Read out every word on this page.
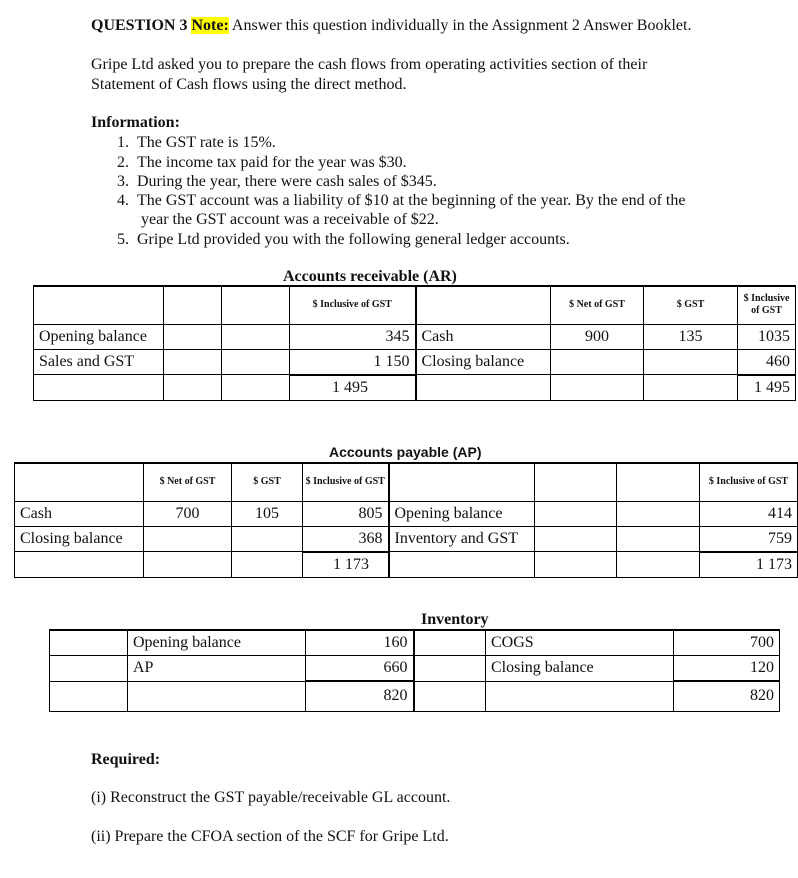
QUESTION 3 Note: Answer this question individually in the Assignment 2 Answer Booklet.
Gripe Ltd asked you to prepare the cash flows from operating activities section of their
Statement of Cash flows using the direct method.
Information:
1. The GST rate is 15%.
2. The income tax paid for the year was $30.
3. During the year, there were cash sales of $345.
4. The GST account was a liability of $10 at the beginning of the year. By the end of the
year the GST account was a receivable of $22.
5. Gripe Ltd provided you with the following general ledger accounts.
Accounts receivable (AR)
			$ Inclusive of GST		$ Net of GST	$ GST	$ Inclusive of GST
Opening balance			345	Cash	900	135	1035
Sales and GST			1 150	Closing balance			460
			1 495				1 495
Accounts payable (AP)
	$ Net of GST	$ GST	$ Inclusive of GST				$ Inclusive of GST
Cash	700	105	805	Opening balance			414
Closing balance			368	Inventory and GST			759
			1 173				1 173
Inventory
	Opening balance	160		COGS	700
	AP	660		Closing balance	120
		820			820
Required:
(i) Reconstruct the GST payable/receivable GL account.
(ii) Prepare the CFOA section of the SCF for Gripe Ltd.
